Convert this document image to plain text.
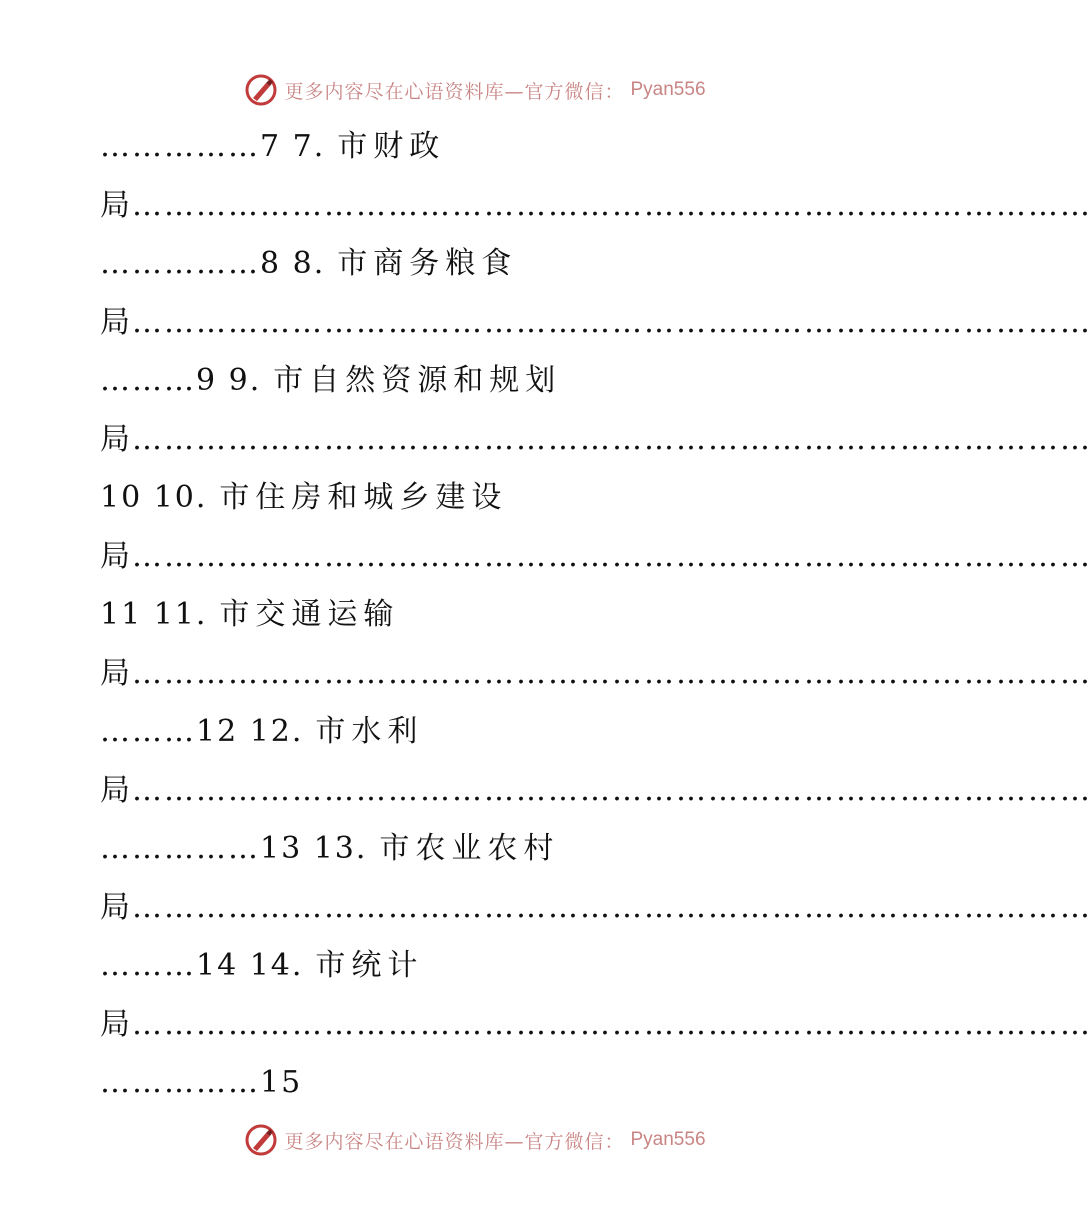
更多内容尽在心语资料库—官方微信： Pyan556
……………7 7. 市财政
局………………………………………………………………………………
……………8 8. 市商务粮食
局………………………………………………………………………………
………9 9. 市自然资源和规划
局………………………………………………………………………………
10 10. 市住房和城乡建设
局………………………………………………………………………………
11 11. 市交通运输
局………………………………………………………………………………
………12 12. 市水利
局………………………………………………………………………………
……………13 13. 市农业农村
局………………………………………………………………………………
………14 14. 市统计
局………………………………………………………………………………
……………15
更多内容尽在心语资料库—官方微信： Pyan556
